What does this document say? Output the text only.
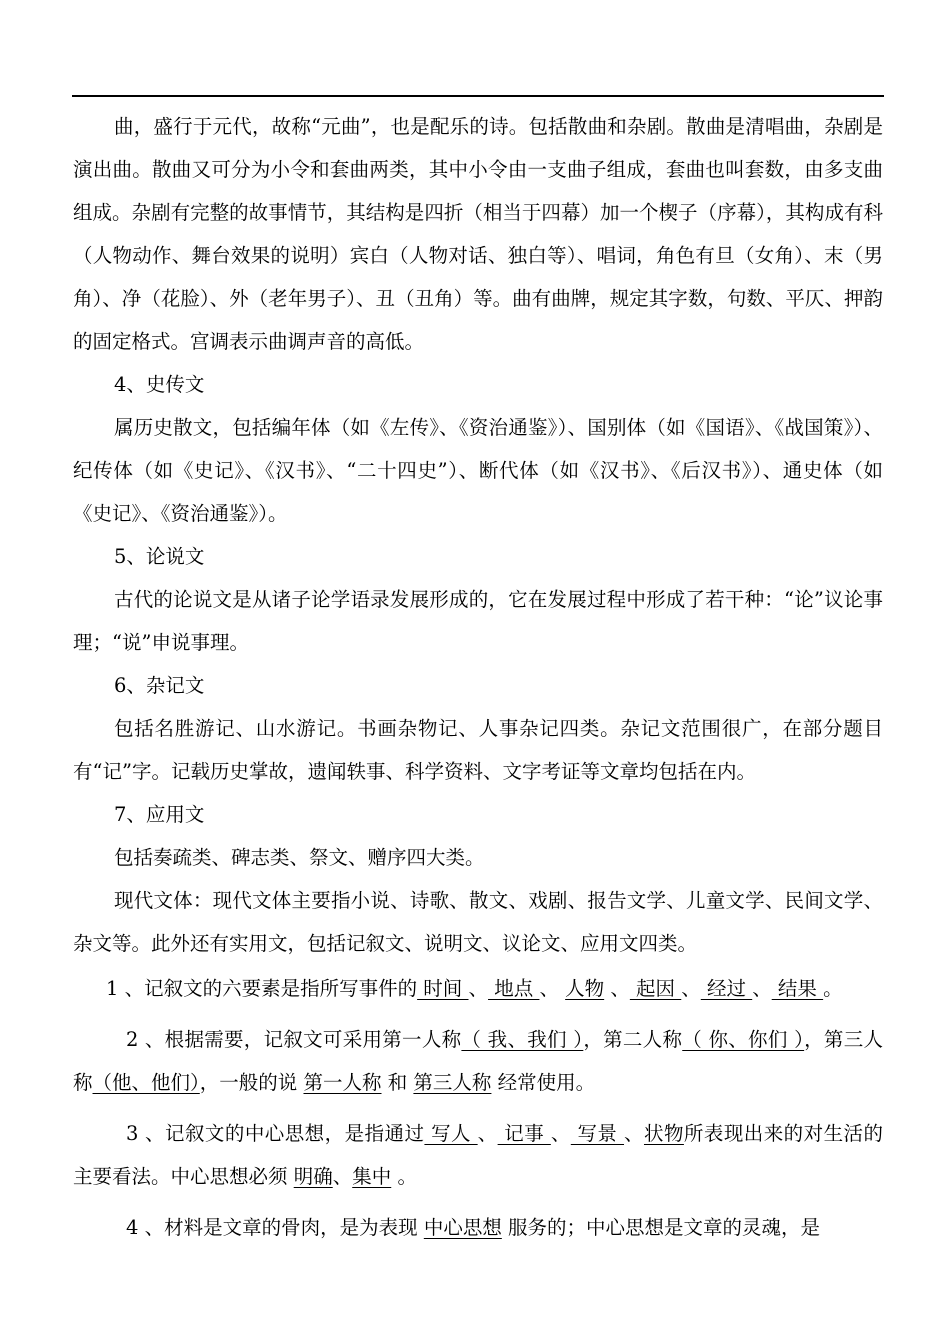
曲，盛行于元代，故称“元曲”，也是配乐的诗。包括散曲和杂剧。散曲是清唱曲，杂剧是演出曲。散曲又可分为小令和套曲两类，其中小令由一支曲子组成，套曲也叫套数，由多支曲组成。杂剧有完整的故事情节，其结构是四折（相当于四幕）加一个楔子（序幕），其构成有科（人物动作、舞台效果的说明）宾白（人物对话、独白等）、唱词，角色有旦（女角）、末（男角）、净（花脸）、外（老年男子）、丑（丑角）等。曲有曲牌，规定其字数，句数、平仄、押韵的固定格式。宫调表示曲调声音的高低。

4、史传文

属历史散文，包括编年体（如《左传》、《资治通鉴》）、国别体（如《国语》、《战国策》）、纪传体（如《史记》、《汉书》、“二十四史”）、断代体（如《汉书》、《后汉书》）、通史体（如《史记》、《资治通鉴》）。

5、论说文

古代的论说文是从诸子论学语录发展形成的，它在发展过程中形成了若干种：“论”议论事理；“说”申说事理。

6、杂记文

包括名胜游记、山水游记。书画杂物记、人事杂记四类。杂记文范围很广，在部分题目有“记”字。记载历史掌故，遗闻轶事、科学资料、文字考证等文章均包括在内。

7、应用文

包括奏疏类、碑志类、祭文、赠序四大类。

现代文体：现代文体主要指小说、诗歌、散文、戏剧、报告文学、儿童文学、民间文学、杂文等。此外还有实用文，包括记叙文、说明文、议论文、应用文四类。

1 、记叙文的六要素是指所写事件的 时间 、 地点 、 人物 、 起因 、 经过 、 结果 。

2 、根据需要，记叙文可采用第一人称（ 我、我们 ），第二人称（ 你、你们 ），第三人称（他、他们），一般的说 第一人称 和 第三人称 经常使用。

3 、记叙文的中心思想，是指通过 写人 、 记事 、 写景 、状物所表现出来的对生活的主要看法。中心思想必须 明确、集中 。

4 、材料是文章的骨肉，是为表现 中心思想 服务的；中心思想是文章的灵魂，是
